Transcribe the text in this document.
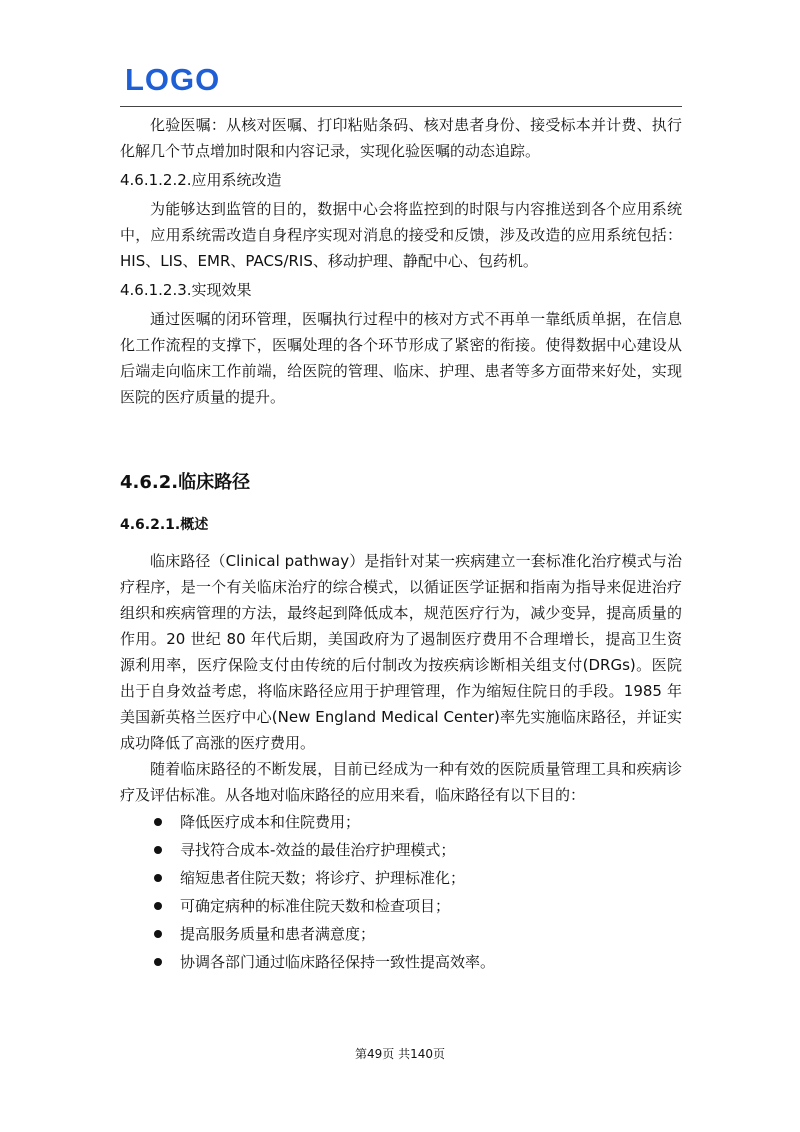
LOGO

化验医嘱：从核对医嘱、打印粘贴条码、核对患者身份、接受标本并计费、执行化解几个节点增加时限和内容记录，实现化验医嘱的动态追踪。

4.6.1.2.2.应用系统改造

为能够达到监管的目的，数据中心会将监控到的时限与内容推送到各个应用系统中，应用系统需改造自身程序实现对消息的接受和反馈，涉及改造的应用系统包括：HIS、LIS、EMR、PACS/RIS、移动护理、静配中心、包药机。

4.6.1.2.3.实现效果

通过医嘱的闭环管理，医嘱执行过程中的核对方式不再单一靠纸质单据，在信息化工作流程的支撑下，医嘱处理的各个环节形成了紧密的衔接。使得数据中心建设从后端走向临床工作前端，给医院的管理、临床、护理、患者等多方面带来好处，实现医院的医疗质量的提升。

4.6.2.临床路径
4.6.2.1.概述

临床路径（Clinical pathway）是指针对某一疾病建立一套标准化治疗模式与治疗程序，是一个有关临床治疗的综合模式，以循证医学证据和指南为指导来促进治疗组织和疾病管理的方法，最终起到降低成本，规范医疗行为，减少变异，提高质量的作用。20 世纪 80 年代后期，美国政府为了遏制医疗费用不合理增长，提高卫生资源利用率，医疗保险支付由传统的后付制改为按疾病诊断相关组支付(DRGs)。医院出于自身效益考虑，将临床路径应用于护理管理，作为缩短住院日的手段。1985 年美国新英格兰医疗中心(New England Medical Center)率先实施临床路径，并证实成功降低了高涨的医疗费用。

随着临床路径的不断发展，目前已经成为一种有效的医院质量管理工具和疾病诊疗及评估标准。从各地对临床路径的应用来看，临床路径有以下目的：

降低医疗成本和住院费用；
寻找符合成本-效益的最佳治疗护理模式；
缩短患者住院天数；将诊疗、护理标准化；
可确定病种的标准住院天数和检查项目；
提高服务质量和患者满意度；
协调各部门通过临床路径保持一致性提高效率。
第49页 共140页
